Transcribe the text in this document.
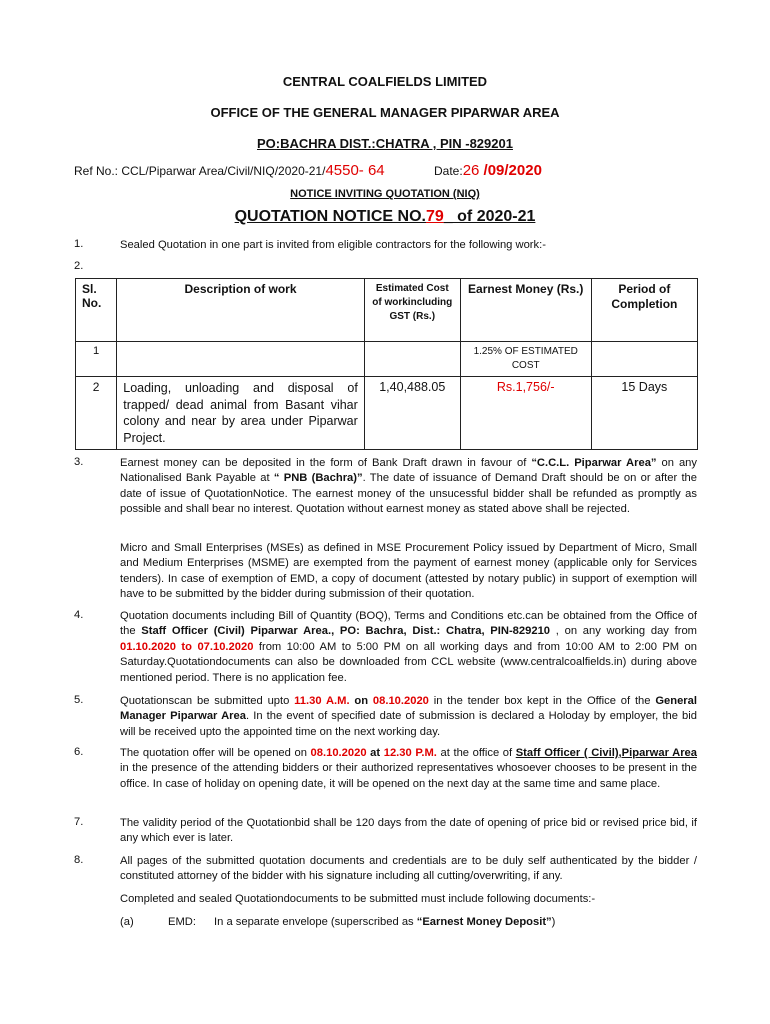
CENTRAL COALFIELDS LIMITED
OFFICE OF THE GENERAL MANAGER PIPARWAR AREA
PO:BACHRA DIST.:CHATRA , PIN -829201
Ref No.: CCL/Piparwar Area/Civil/NIQ/2020-21/4550- 64	Date:26 /09/2020
NOTICE INVITING QUOTATION (NIQ)
QUOTATION NOTICE NO.79_ of 2020-21
1.	Sealed Quotation in one part is invited from eligible contractors for the following work:-
2.
Sl. No.	Description of work	Estimated Cost of workincluding GST (Rs.)	Earnest Money (Rs.)	Period of Completion
1			1.25% OF ESTIMATED COST	
2	Loading, unloading and disposal of trapped/ dead animal from Basant vihar colony and near by area under Piparwar Project.	1,40,488.05	Rs.1,756/-	15 Days
3.	Earnest money can be deposited in the form of Bank Draft drawn in favour of “C.C.L. Piparwar Area” on any Nationalised Bank Payable at “ PNB (Bachra)”. The date of issuance of Demand Draft should be on or after the date of issue of QuotationNotice. The earnest money of the unsucessful bidder shall be refunded as promptly as possible and shall bear no interest. Quotation without earnest money as stated above shall be rejected.
Micro and Small Enterprises (MSEs) as defined in MSE Procurement Policy issued by Department of Micro, Small and Medium Enterprises (MSME) are exempted from the payment of earnest money (applicable only for Services tenders). In case of exemption of EMD, a copy of document (attested by notary public) in support of exemption will have to be submitted by the bidder during submission of their quotation.
4.	Quotation documents including Bill of Quantity (BOQ), Terms and Conditions etc.can be obtained from the Office of the Staff Officer (Civil) Piparwar Area., PO: Bachra, Dist.: Chatra, PIN-829210 , on any working day from 01.10.2020 to 07.10.2020 from 10:00 AM to 5:00 PM on all working days and from 10:00 AM to 2:00 PM on Saturday.Quotationdocuments can also be downloaded from CCL website (www.centralcoalfields.in) during above mentioned period. There is no application fee.
5.	Quotationscan be submitted upto 11.30 A.M. on 08.10.2020 in the tender box kept in the Office of the General Manager Piparwar Area. In the event of specified date of submission is declared a Holoday by employer, the bid will be received upto the appointed time on the next working day.
6.	The quotation offer will be opened on 08.10.2020 at 12.30 P.M. at the office of Staff Officer ( Civil),Piparwar Area in the presence of the attending bidders or their authorized representatives whosoever chooses to be present in the office. In case of holiday on opening date, it will be opened on the next day at the same time and same place.
7.	The validity period of the Quotationbid shall be 120 days from the date of opening of price bid or revised price bid, if any which ever is later.
8.	All pages of the submitted quotation documents and credentials are to be duly self authenticated by the bidder / constituted attorney of the bidder with his signature including all cutting/overwriting, if any.
Completed and sealed Quotationdocuments to be submitted must include following documents:-
(a)	EMD: In a separate envelope (superscribed as “Earnest Money Deposit”)
